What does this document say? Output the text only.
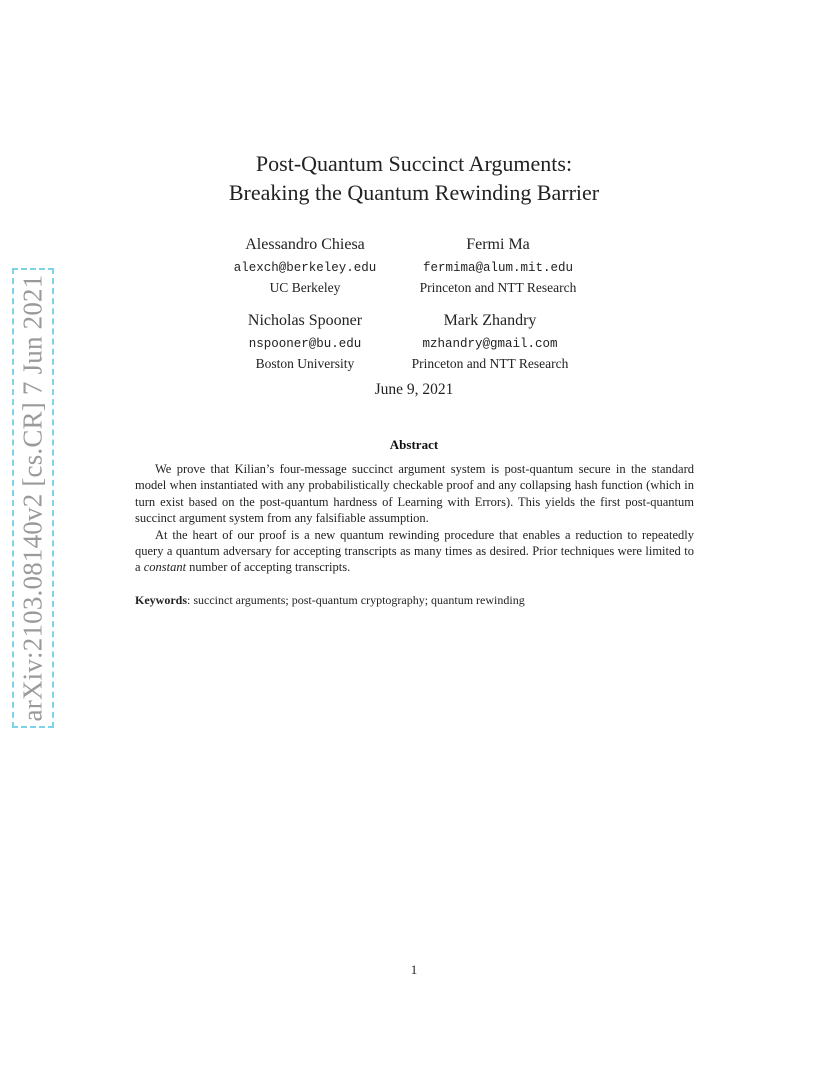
arXiv:2103.08140v2 [cs.CR] 7 Jun 2021
Post-Quantum Succinct Arguments:
Breaking the Quantum Rewinding Barrier
Alessandro Chiesa
alexch@berkeley.edu
UC Berkeley
Fermi Ma
fermima@alum.mit.edu
Princeton and NTT Research
Nicholas Spooner
nspooner@bu.edu
Boston University
Mark Zhandry
mzhandry@gmail.com
Princeton and NTT Research
June 9, 2021
Abstract

We prove that Kilian’s four-message succinct argument system is post-quantum secure in the standard model when instantiated with any probabilistically checkable proof and any collapsing hash function (which in turn exist based on the post-quantum hardness of Learning with Errors). This yields the first post-quantum succinct argument system from any falsifiable assumption.

At the heart of our proof is a new quantum rewinding procedure that enables a reduction to repeatedly query a quantum adversary for accepting transcripts as many times as desired. Prior techniques were limited to a constant number of accepting transcripts.

Keywords: succinct arguments; post-quantum cryptography; quantum rewinding
1
